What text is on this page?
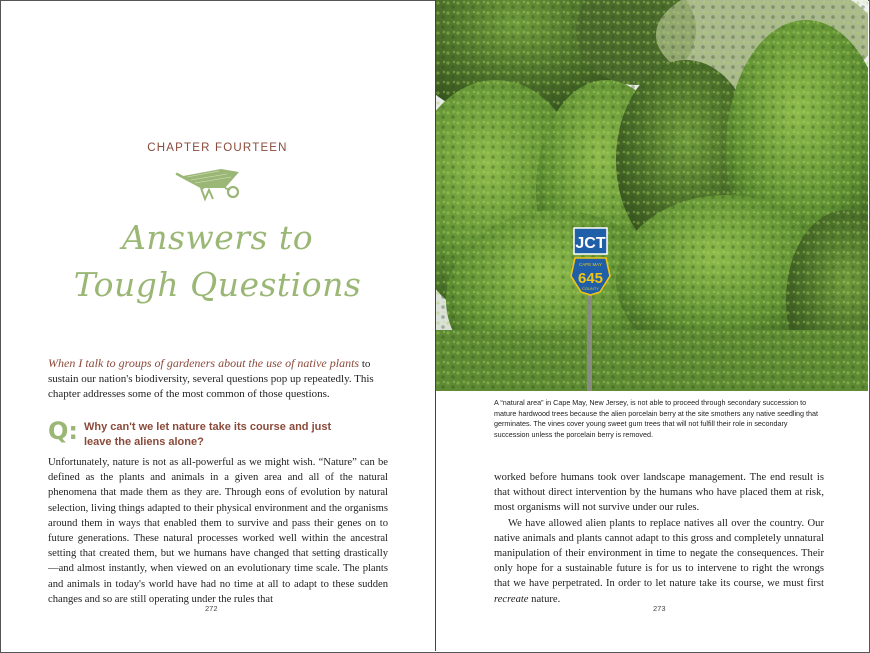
CHAPTER FOURTEEN
Answers to
Tough Questions
When I talk to groups of gardeners about the use of native plants to sustain our nation's biodiversity, several questions pop up repeatedly. This chapter addresses some of the most common of those questions.
Q: Why can't we let nature take its course and just leave the aliens alone?
Unfortunately, nature is not as all-powerful as we might wish. “Nature” can be defined as the plants and animals in a given area and all of the natural phenomena that made them as they are. Through eons of evolution by natural selection, living things adapted to their physical environment and the organisms around them in ways that enabled them to survive and pass their genes on to future generations. These natural processes worked well within the ancestral setting that created them, but we humans have changed that setting drastically—and almost instantly, when viewed on an evolutionary time scale. The plants and animals in today's world have had no time at all to adapt to these sudden changes and so are still operating under the rules that
272
JCT
CAPE MAY
645
COUNTY
A “natural area” in Cape May, New Jersey, is not able to proceed through secondary succession to mature hardwood trees because the alien porcelain berry at the site smothers any native seedling that germinates. The vines cover young sweet gum trees that will not fulfill their role in secondary succession unless the porcelain berry is removed.

worked before humans took over landscape management. The end result is that without direct intervention by the humans who have placed them at risk, most organisms will not survive under our rules.

We have allowed alien plants to replace natives all over the country. Our native animals and plants cannot adapt to this gross and completely unnatural manipulation of their environment in time to negate the consequences. Their only hope for a sustainable future is for us to intervene to right the wrongs that we have perpetrated. In order to let nature take its course, we must first recreate nature.

273
